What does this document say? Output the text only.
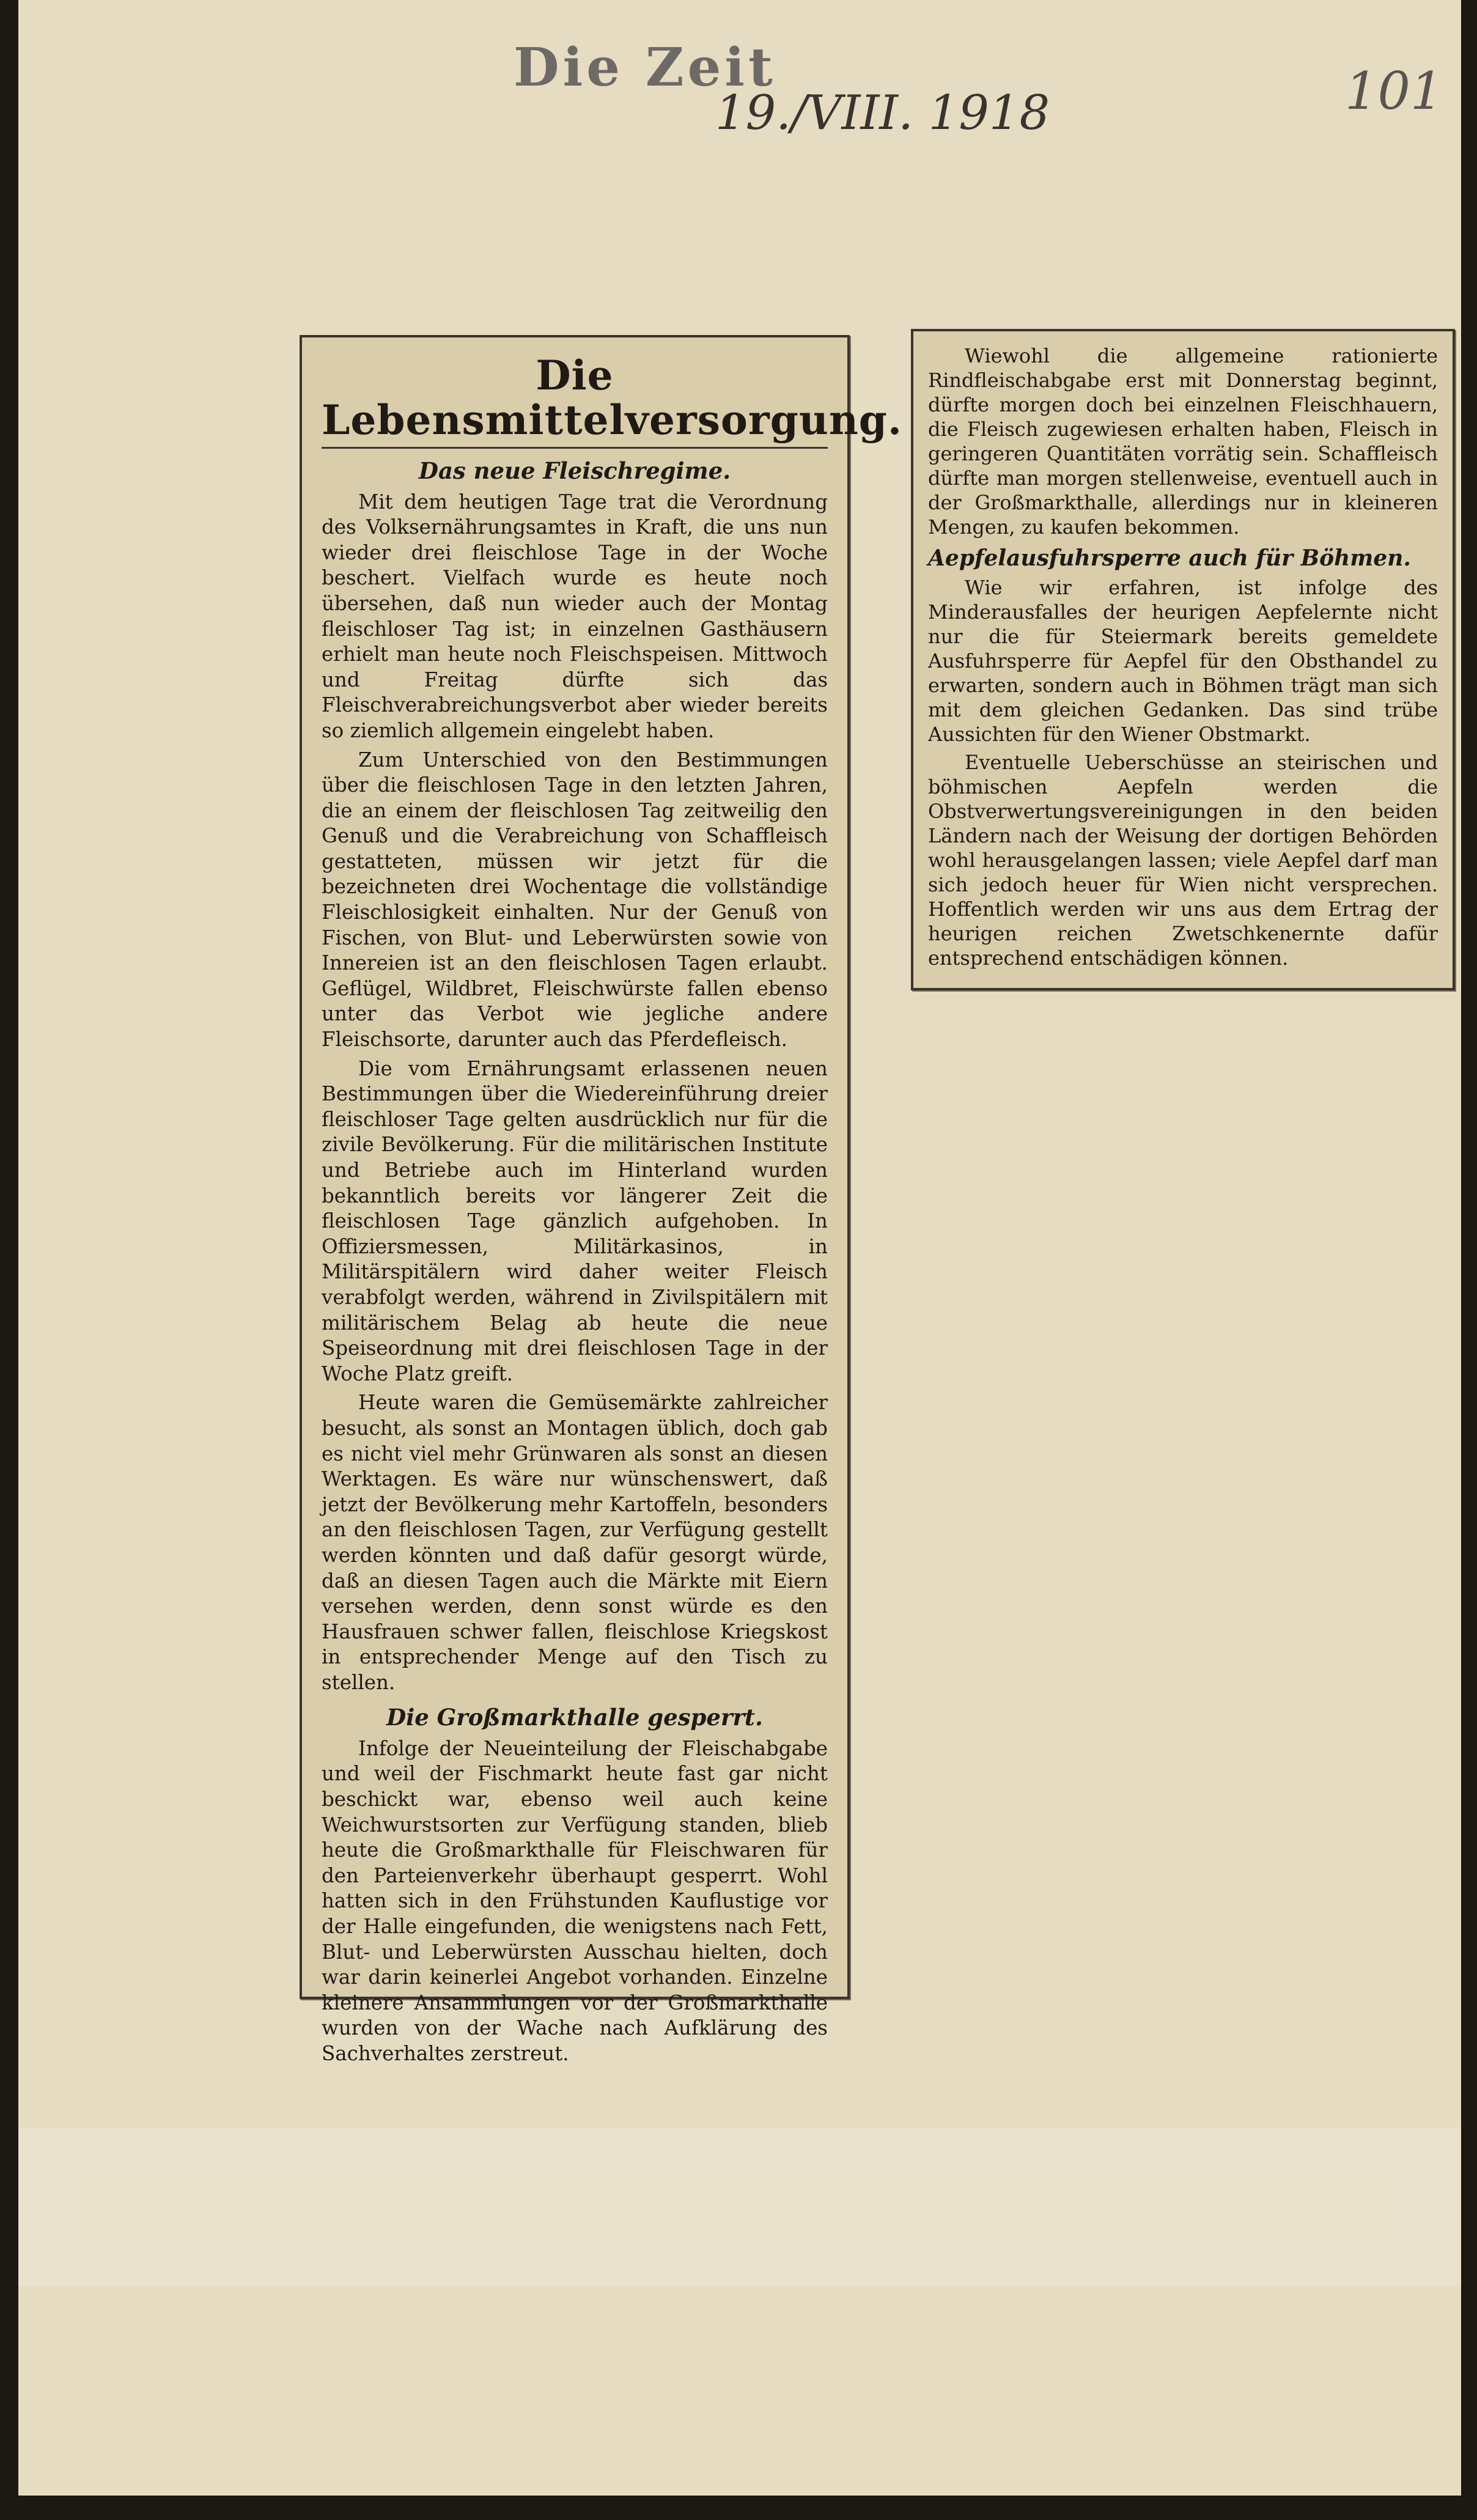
Die Zeit
19./VIII. 1918	101
Die Lebensmittelversorgung.
Das neue Fleischregime.

Mit dem heutigen Tage trat die Verordnung des Volksernährungsamtes in Kraft, die uns nun wieder drei fleischlose Tage in der Woche beschert. Vielfach wurde es heute noch übersehen, daß nun wieder auch der Montag fleischloser Tag ist; in einzelnen Gasthäusern erhielt man heute noch Fleischspeisen. Mittwoch und Freitag dürfte sich das Fleischverabreichungsverbot aber wieder bereits so ziemlich allgemein eingelebt haben.

Zum Unterschied von den Bestimmungen über die fleischlosen Tage in den letzten Jahren, die an einem der fleischlosen Tag zeitweilig den Genuß und die Verabreichung von Schaffleisch gestatteten, müssen wir jetzt für die bezeichneten drei Wochentage die vollständige Fleischlosigkeit einhalten. Nur der Genuß von Fischen, von Blut- und Leberwürsten sowie von Innereien ist an den fleischlosen Tagen erlaubt. Geflügel, Wildbret, Fleischwürste fallen ebenso unter das Verbot wie jegliche andere Fleischsorte, darunter auch das Pferdefleisch.

Die vom Ernährungsamt erlassenen neuen Bestimmungen über die Wiedereinführung dreier fleischloser Tage gelten ausdrücklich nur für die zivile Bevölkerung. Für die militärischen Institute und Betriebe auch im Hinterland wurden bekanntlich bereits vor längerer Zeit die fleischlosen Tage gänzlich aufgehoben. In Offiziersmessen, Militärkasinos, in Militärspitälern wird daher weiter Fleisch verabfolgt werden, während in Zivilspitälern mit militärischem Belag ab heute die neue Speiseordnung mit drei fleischlosen Tage in der Woche Platz greift.

Heute waren die Gemüsemärkte zahlreicher besucht, als sonst an Montagen üblich, doch gab es nicht viel mehr Grünwaren als sonst an diesen Werktagen. Es wäre nur wünschenswert, daß jetzt der Bevölkerung mehr Kartoffeln, besonders an den fleischlosen Tagen, zur Verfügung gestellt werden könnten und daß dafür gesorgt würde, daß an diesen Tagen auch die Märkte mit Eiern versehen werden, denn sonst würde es den Hausfrauen schwer fallen, fleischlose Kriegskost in entsprechender Menge auf den Tisch zu stellen.

Die Großmarkthalle gesperrt.

Infolge der Neueinteilung der Fleischabgabe und weil der Fischmarkt heute fast gar nicht beschickt war, ebenso weil auch keine Weichwurstsorten zur Verfügung standen, blieb heute die Großmarkthalle für Fleischwaren für den Parteienverkehr überhaupt gesperrt. Wohl hatten sich in den Frühstunden Kauflustige vor der Halle eingefunden, die wenigstens nach Fett, Blut- und Leberwürsten Ausschau hielten, doch war darin keinerlei Angebot vorhanden. Einzelne kleinere Ansammlungen vor der Großmarkthalle wurden von der Wache nach Aufklärung des Sachverhaltes zerstreut.

Wiewohl die allgemeine rationierte Rindfleischabgabe erst mit Donnerstag beginnt, dürfte morgen doch bei einzelnen Fleischhauern, die Fleisch zugewiesen erhalten haben, Fleisch in geringeren Quantitäten vorrätig sein. Schaffleisch dürfte man morgen stellenweise, eventuell auch in der Großmarkthalle, allerdings nur in kleineren Mengen, zu kaufen bekommen.

Aepfelausfuhrsperre auch für Böhmen.

Wie wir erfahren, ist infolge des Minderausfalles der heurigen Aepfelernte nicht nur die für Steiermark bereits gemeldete Ausfuhrsperre für Aepfel für den Obsthandel zu erwarten, sondern auch in Böhmen trägt man sich mit dem gleichen Gedanken. Das sind trübe Aussichten für den Wiener Obstmarkt.

Eventuelle Ueberschüsse an steirischen und böhmischen Aepfeln werden die Obstverwertungsvereinigungen in den beiden Ländern nach der Weisung der dortigen Behörden wohl herausgelangen lassen; viele Aepfel darf man sich jedoch heuer für Wien nicht versprechen. Hoffentlich werden wir uns aus dem Ertrag der heurigen reichen Zwetschkenernte dafür entsprechend entschädigen können.
